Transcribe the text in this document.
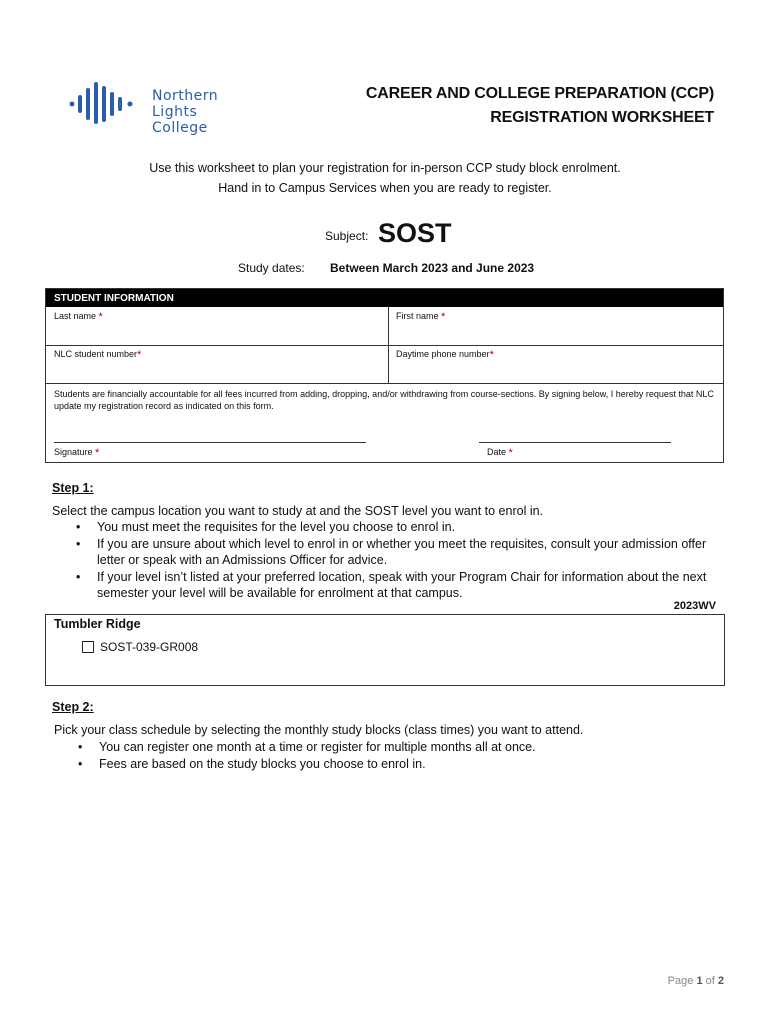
Northern Lights
College
CAREER AND COLLEGE PREPARATION (CCP)
REGISTRATION WORKSHEET
Use this worksheet to plan your registration for in-person CCP study block enrolment.
Hand in to Campus Services when you are ready to register.
Subject: SOST
Study dates: Between March 2023 and June 2023
STUDENT INFORMATION
Last name *	First name *
NLC student number*	Daytime phone number*
Students are financially accountable for all fees incurred from adding, dropping, and/or withdrawing from course-sections. By signing below, I hereby request that NLC update my registration record as indicated on this form.
Signature *	Date *
Step 1:
Select the campus location you want to study at and the SOST level you want to enrol in.
• You must meet the requisites for the level you choose to enrol in.
• If you are unsure about which level to enrol in or whether you meet the requisites, consult your admission offer letter or speak with an Admissions Officer for advice.
• If your level isn’t listed at your preferred location, speak with your Program Chair for information about the next semester your level will be available for enrolment at that campus.
2023WV
Tumbler Ridge
SOST-039-GR008
Step 2:
Pick your class schedule by selecting the monthly study blocks (class times) you want to attend.
• You can register one month at a time or register for multiple months all at once.
• Fees are based on the study blocks you choose to enrol in.
Page 1 of 2
